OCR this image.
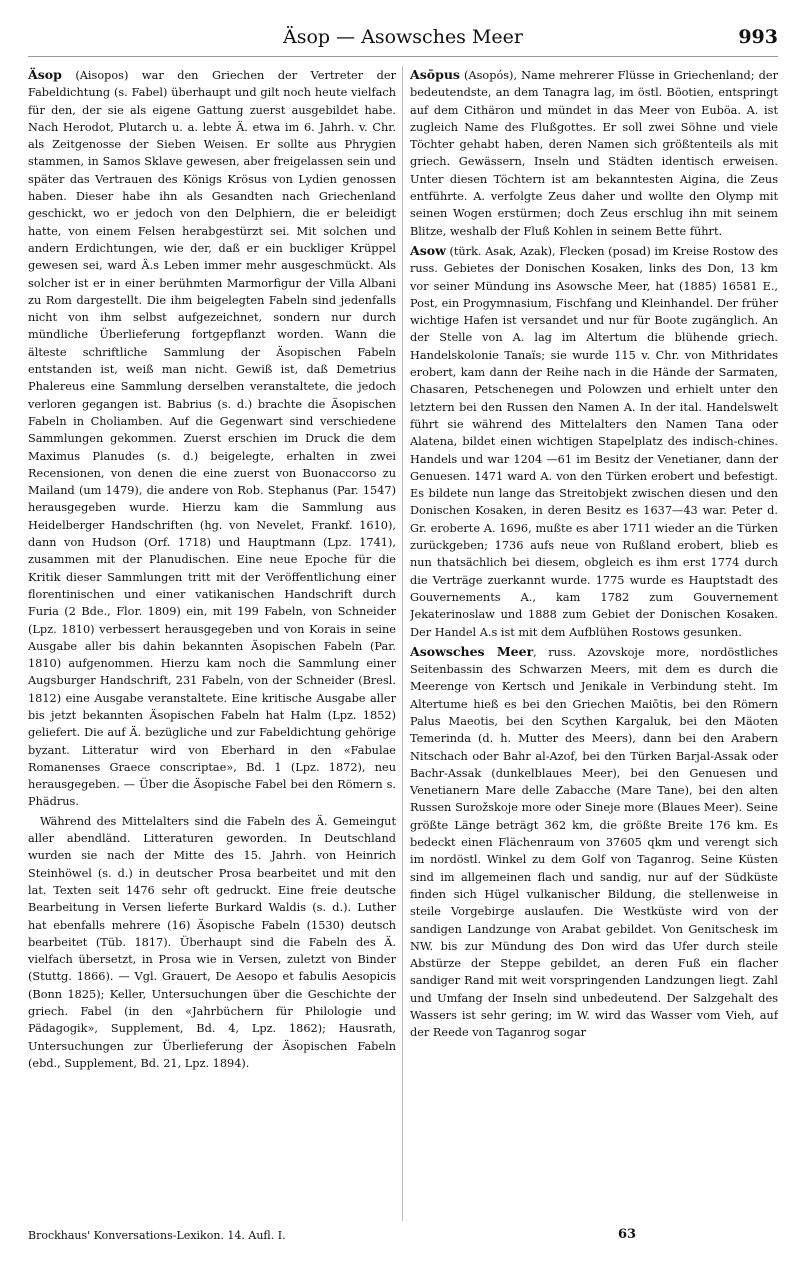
Äsop — Asowsches Meer	993

Äsop (Aisopos) war den Griechen der Vertreter der Fabeldichtung (s. Fabel) überhaupt und gilt noch heute vielfach für den, der sie als eigene Gattung zuerst ausgebildet habe. Nach Herodot, Plutarch u. a. lebte Ä. etwa im 6. Jahrh. v. Chr. als Zeitgenosse der Sieben Weisen. Er sollte aus Phrygien stammen, in Samos Sklave gewesen, aber freigelassen sein und später das Vertrauen des Königs Krösus von Lydien genossen haben. Dieser habe ihn als Gesandten nach Griechenland geschickt, wo er jedoch von den Delphiern, die er beleidigt hatte, von einem Felsen herabgestürzt sei. Mit solchen und andern Erdichtungen, wie der, daß er ein buckliger Krüppel gewesen sei, ward Ä.s Leben immer mehr ausgeschmückt. Als solcher ist er in einer berühmten Marmorfigur der Villa Albani zu Rom dargestellt. Die ihm beigelegten Fabeln sind jedenfalls nicht von ihm selbst aufgezeichnet, sondern nur durch mündliche Überlieferung fortgepflanzt worden. Wann die älteste schriftliche Sammlung der Äsopischen Fabeln entstanden ist, weiß man nicht. Gewiß ist, daß Demetrius Phalereus eine Sammlung derselben veranstaltete, die jedoch verloren gegangen ist. Babrius (s. d.) brachte die Äsopischen Fabeln in Choliamben. Auf die Gegenwart sind verschiedene Sammlungen gekommen. Zuerst erschien im Druck die dem Maximus Planudes (s. d.) beigelegte, erhalten in zwei Recensionen, von denen die eine zuerst von Buonaccorso zu Mailand (um 1479), die andere von Rob. Stephanus (Par. 1547) herausgegeben wurde. Hierzu kam die Sammlung aus Heidelberger Handschriften (hg. von Nevelet, Frankf. 1610), dann von Hudson (Orf. 1718) und Hauptmann (Lpz. 1741), zusammen mit der Planudischen. Eine neue Epoche für die Kritik dieser Sammlungen tritt mit der Veröffentlichung einer florentinischen und einer vatikanischen Handschrift durch Furia (2 Bde., Flor. 1809) ein, mit 199 Fabeln, von Schneider (Lpz. 1810) verbessert herausgegeben und von Korais in seine Ausgabe aller bis dahin bekannten Äsopischen Fabeln (Par. 1810) aufgenommen. Hierzu kam noch die Sammlung einer Augsburger Handschrift, 231 Fabeln, von der Schneider (Bresl. 1812) eine Ausgabe veranstaltete. Eine kritische Ausgabe aller bis jetzt bekannten Äsopischen Fabeln hat Halm (Lpz. 1852) geliefert. Die auf Ä. bezügliche und zur Fabeldichtung gehörige byzant. Litteratur wird von Eberhard in den «Fabulae Romanenses Graece conscriptae», Bd. 1 (Lpz. 1872), neu herausgegeben. — Über die Äsopische Fabel bei den Römern s. Phädrus.

Während des Mittelalters sind die Fabeln des Ä. Gemeingut aller abendländ. Litteraturen geworden. In Deutschland wurden sie nach der Mitte des 15. Jahrh. von Heinrich Steinhöwel (s. d.) in deutscher Prosa bearbeitet und mit den lat. Texten seit 1476 sehr oft gedruckt. Eine freie deutsche Bearbeitung in Versen lieferte Burkard Waldis (s. d.). Luther hat ebenfalls mehrere (16) Äsopische Fabeln (1530) deutsch bearbeitet (Tüb. 1817). Überhaupt sind die Fabeln des Ä. vielfach übersetzt, in Prosa wie in Versen, zuletzt von Binder (Stuttg. 1866). — Vgl. Grauert, De Aesopo et fabulis Aesopicis (Bonn 1825); Keller, Untersuchungen über die Geschichte der griech. Fabel (in den «Jahrbüchern für Philologie und Pädagogik», Supplement, Bd. 4, Lpz. 1862); Hausrath, Untersuchungen zur Überlieferung der Äsopischen Fabeln (ebd., Supplement, Bd. 21, Lpz. 1894).

Asōpus (Asopós), Name mehrerer Flüsse in Griechenland; der bedeutendste, an dem Tanagra lag, im östl. Böotien, entspringt auf dem Cithäron und mündet in das Meer von Euböa. A. ist zugleich Name des Flußgottes. Er soll zwei Söhne und viele Töchter gehabt haben, deren Namen sich größtenteils als mit griech. Gewässern, Inseln und Städten identisch erweisen. Unter diesen Töchtern ist am bekanntesten Aigina, die Zeus entführte. A. verfolgte Zeus daher und wollte den Olymp mit seinen Wogen erstürmen; doch Zeus erschlug ihn mit seinem Blitze, weshalb der Fluß Kohlen in seinem Bette führt.

Asow (türk. Asak, Azak), Flecken (posad) im Kreise Rostow des russ. Gebietes der Donischen Kosaken, links des Don, 13 km vor seiner Mündung ins Asowsche Meer, hat (1885) 16581 E., Post, ein Progymnasium, Fischfang und Kleinhandel. Der früher wichtige Hafen ist versandet und nur für Boote zugänglich. An der Stelle von A. lag im Altertum die blühende griech. Handelskolonie Tanaïs; sie wurde 115 v. Chr. von Mithridates erobert, kam dann der Reihe nach in die Hände der Sarmaten, Chasaren, Petschenegen und Polowzen und erhielt unter den letztern bei den Russen den Namen A. In der ital. Handelswelt führt sie während des Mittelalters den Namen Tana oder Alatena, bildet einen wichtigen Stapelplatz des indisch-chines. Handels und war 1204 —61 im Besitz der Venetianer, dann der Genuesen. 1471 ward A. von den Türken erobert und befestigt. Es bildete nun lange das Streitobjekt zwischen diesen und den Donischen Kosaken, in deren Besitz es 1637—43 war. Peter d. Gr. eroberte A. 1696, mußte es aber 1711 wieder an die Türken zurückgeben; 1736 aufs neue von Rußland erobert, blieb es nun thatsächlich bei diesem, obgleich es ihm erst 1774 durch die Verträge zuerkannt wurde. 1775 wurde es Hauptstadt des Gouvernements A., kam 1782 zum Gouvernement Jekaterinoslaw und 1888 zum Gebiet der Donischen Kosaken. Der Handel A.s ist mit dem Aufblühen Rostows gesunken.

Asowsches Meer, russ. Azovskoje more, nordöstliches Seitenbassin des Schwarzen Meers, mit dem es durch die Meerenge von Kertsch und Jenikale in Verbindung steht. Im Altertume hieß es bei den Griechen Maiōtis, bei den Römern Palus Maeotis, bei den Scythen Kargaluk, bei den Mäoten Temerinda (d. h. Mutter des Meers), dann bei den Arabern Nitschach oder Bahr al-Azof, bei den Türken Barjal-Assak oder Bachr-Assak (dunkelblaues Meer), bei den Genuesen und Venetianern Mare delle Zabacche (Mare Tane), bei den alten Russen Surožskoje more oder Sineje more (Blaues Meer). Seine größte Länge beträgt 362 km, die größte Breite 176 km. Es bedeckt einen Flächenraum von 37605 qkm und verengt sich im nordöstl. Winkel zu dem Golf von Taganrog. Seine Küsten sind im allgemeinen flach und sandig, nur auf der Südküste finden sich Hügel vulkanischer Bildung, die stellenweise in steile Vorgebirge auslaufen. Die Westküste wird von der sandigen Landzunge von Arabat gebildet. Von Genitschesk im NW. bis zur Mündung des Don wird das Ufer durch steile Abstürze der Steppe gebildet, an deren Fuß ein flacher sandiger Rand mit weit vorspringenden Landzungen liegt. Zahl und Umfang der Inseln sind unbedeutend. Der Salzgehalt des Wassers ist sehr gering; im W. wird das Wasser vom Vieh, auf der Reede von Taganrog sogar

Brockhaus' Konversations-Lexikon. 14. Aufl. I.	63
